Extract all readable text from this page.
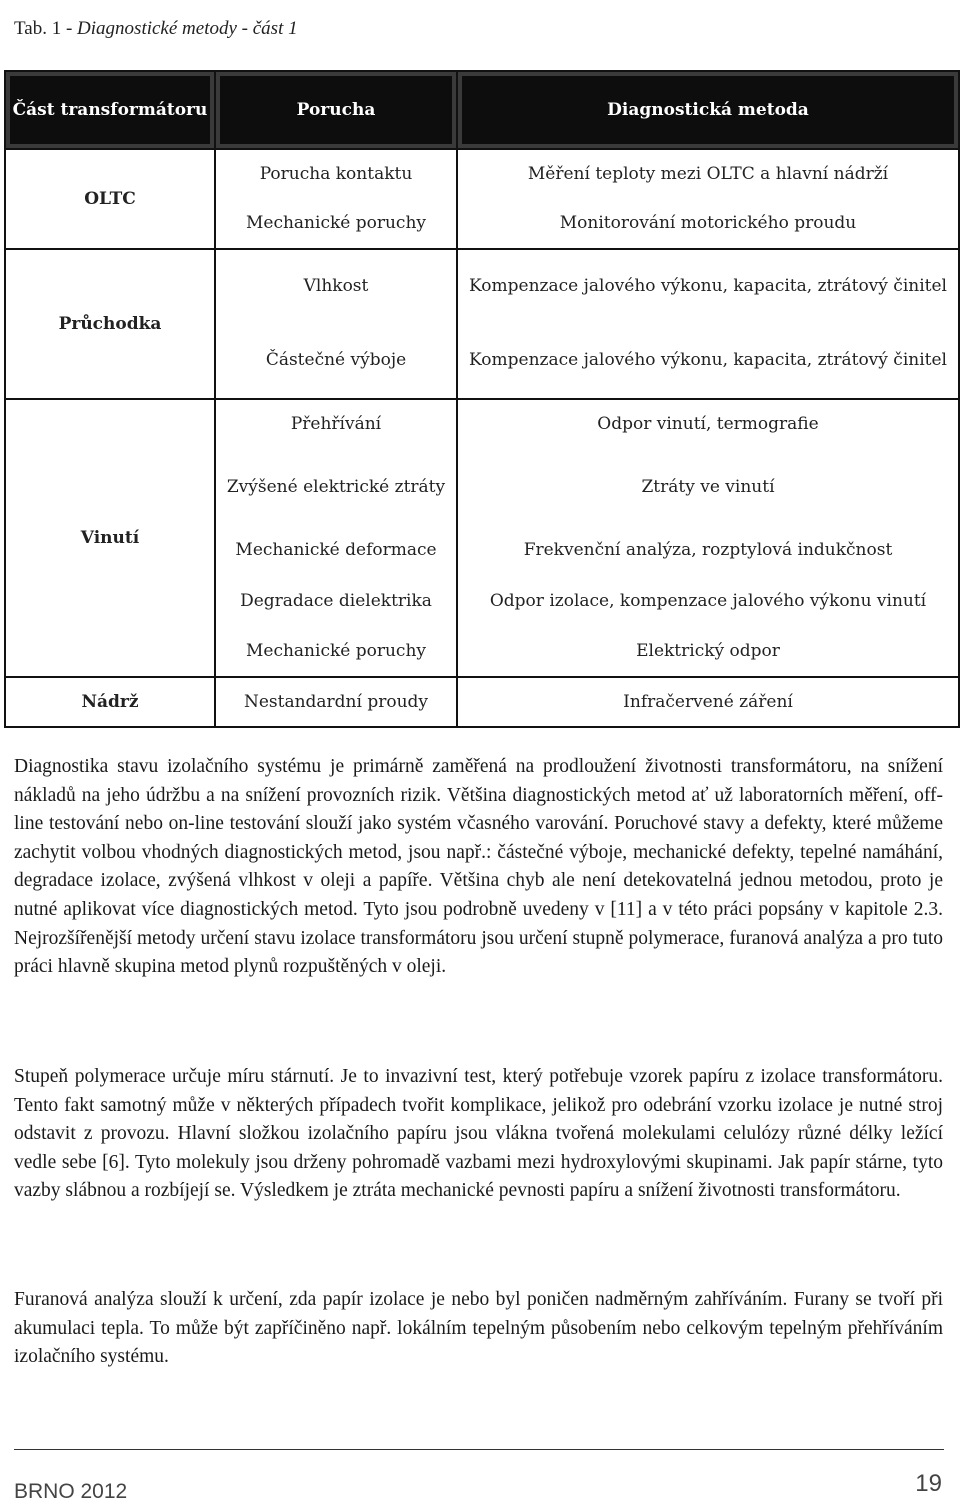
Tab. 1 - Diagnostické metody - část 1
Část transformátoru	Porucha	Diagnostická metoda
OLTC	Porucha kontaktu	Měření teploty mezi OLTC a hlavní nádrží
	Mechanické poruchy	Monitorování motorického proudu
Průchodka	Vlhkost	Kompenzace jalového výkonu, kapacita, ztrátový činitel
	Částečné výboje	Kompenzace jalového výkonu, kapacita, ztrátový činitel
Vinutí	Přehřívání	Odpor vinutí, termografie
	Zvýšené elektrické ztráty	Ztráty ve vinutí
	Mechanické deformace	Frekvenční analýza, rozptylová indukčnost
	Degradace dielektrika	Odpor izolace, kompenzace jalového výkonu vinutí
	Mechanické poruchy	Elektrický odpor
Nádrž	Nestandardní proudy	Infračervené záření
Diagnostika stavu izolačního systému je primárně zaměřená na prodloužení životnosti transformátoru, na snížení nákladů na jeho údržbu a na snížení provozních rizik. Většina diagnostických metod ať už laboratorních měření, off-line testování nebo on-line testování slouží jako systém včasného varování. Poruchové stavy a defekty, které můžeme zachytit volbou vhodných diagnostických metod, jsou např.: částečné výboje, mechanické defekty, tepelné namáhání, degradace izolace, zvýšená vlhkost v oleji a papíře. Většina chyb ale není detekovatelná jednou metodou, proto je nutné aplikovat více diagnostických metod. Tyto jsou podrobně uvedeny v [11] a v této práci popsány v kapitole 2.3. Nejrozšířenější metody určení stavu izolace transformátoru jsou určení stupně polymerace, furanová analýza a pro tuto práci hlavně skupina metod plynů rozpuštěných v oleji.
Stupeň polymerace určuje míru stárnutí. Je to invazivní test, který potřebuje vzorek papíru z izolace transformátoru. Tento fakt samotný může v některých případech tvořit komplikace, jelikož pro odebrání vzorku izolace je nutné stroj odstavit z provozu. Hlavní složkou izolačního papíru jsou vlákna tvořená molekulami celulózy různé délky ležící vedle sebe [6]. Tyto molekuly jsou drženy pohromadě vazbami mezi hydroxylovými skupinami. Jak papír stárne, tyto vazby slábnou a rozbíjejí se. Výsledkem je ztráta mechanické pevnosti papíru a snížení životnosti transformátoru.
Furanová analýza slouží k určení, zda papír izolace je nebo byl poničen nadměrným zahříváním. Furany se tvoří při akumulaci tepla. To může být zapříčiněno např. lokálním tepelným působením nebo celkovým tepelným přehříváním izolačního systému.
BRNO 2012	19
